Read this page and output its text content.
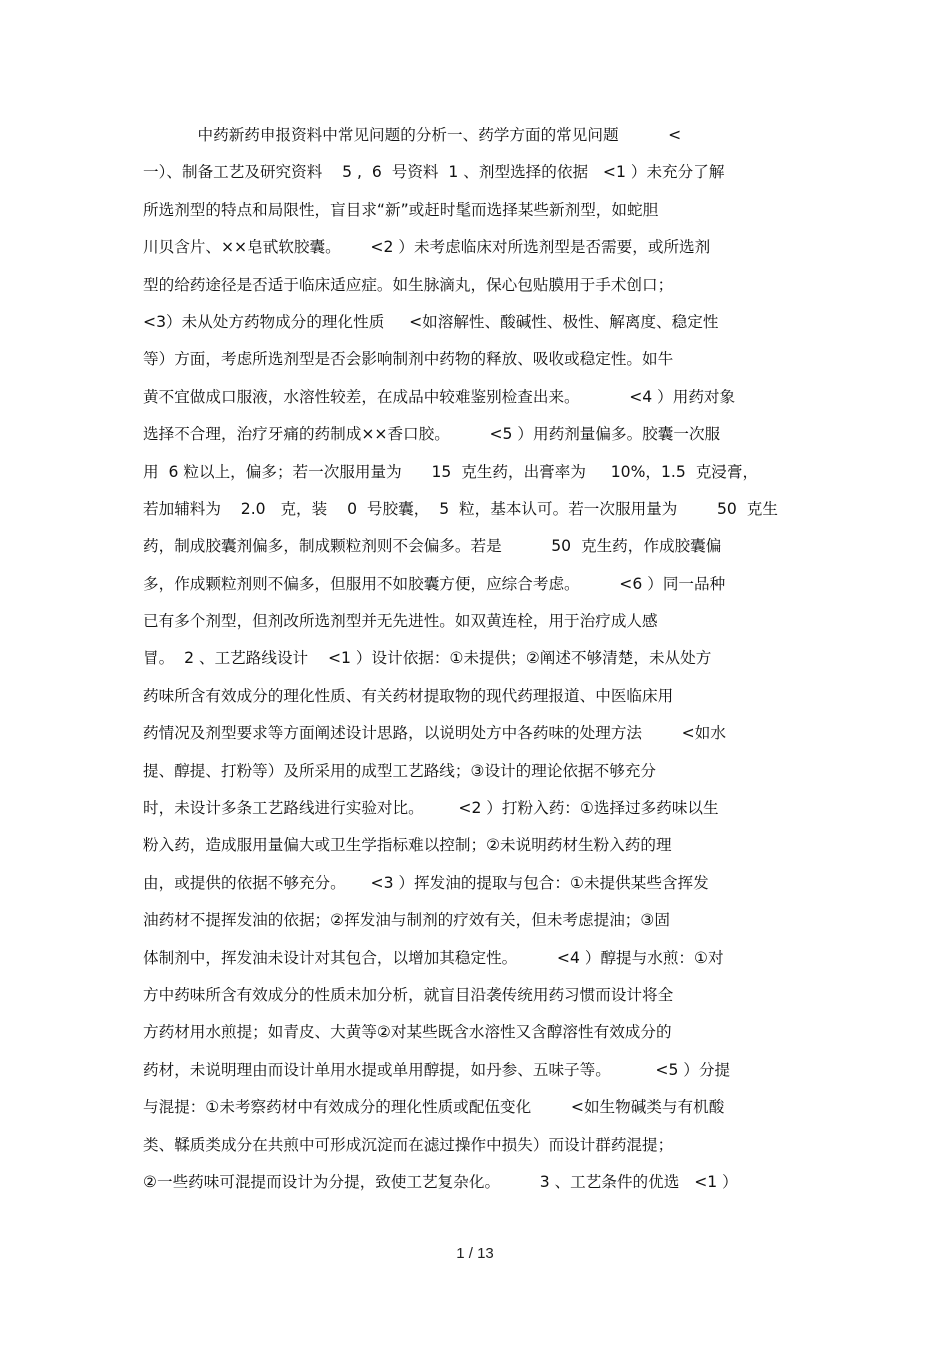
中药新药申报资料中常见问题的分析一、药学方面的常见问题          <
一）、制备工艺及研究资料    5 ,  6  号资料  1 、剂型选择的依据   <1 ）未充分了解
所选剂型的特点和局限性，盲目求“新”或赶时髦而选择某些新剂型，如蛇胆
川贝含片、××皂甙软胶囊。      <2 ）未考虑临床对所选剂型是否需要，或所选剂
型的给药途径是否适于临床适应症。如生脉滴丸，保心包贴膜用于手术创口；
<3）未从处方药物成分的理化性质     <如溶解性、酸碱性、极性、解离度、稳定性
等）方面，考虑所选剂型是否会影响制剂中药物的释放、吸收或稳定性。如牛
黄不宜做成口服液，水溶性较差，在成品中较难鉴别检查出来。          <4 ）用药对象
选择不合理，治疗牙痛的药制成××香口胶。        <5 ）用药剂量偏多。胶囊一次服
用  6 粒以上，偏多；若一次服用量为      15  克生药，出膏率为     10%，1.5  克浸膏，
若加辅料为    2.0   克，装    0  号胶囊，  5  粒，基本认可。若一次服用量为        50  克生
药，制成胶囊剂偏多，制成颗粒剂则不会偏多。若是          50  克生药，作成胶囊偏
多，作成颗粒剂则不偏多，但服用不如胶囊方便，应综合考虑。        <6 ）同一品种
已有多个剂型，但剂改所选剂型并无先进性。如双黄连栓，用于治疗成人感
冒。  2 、工艺路线设计    <1 ）设计依据：①未提供；②阐述不够清楚，未从处方
药味所含有效成分的理化性质、有关药材提取物的现代药理报道、中医临床用
药情况及剂型要求等方面阐述设计思路，以说明处方中各药味的处理方法        <如水
提、醇提、打粉等）及所采用的成型工艺路线；③设计的理论依据不够充分
时，未设计多条工艺路线进行实验对比。       <2 ）打粉入药：①选择过多药味以生
粉入药，造成服用量偏大或卫生学指标难以控制；②未说明药材生粉入药的理
由，或提供的依据不够充分。     <3 ）挥发油的提取与包合：①未提供某些含挥发
油药材不提挥发油的依据；②挥发油与制剂的疗效有关，但未考虑提油；③固
体制剂中，挥发油未设计对其包合，以增加其稳定性。        <4 ）醇提与水煎：①对
方中药味所含有效成分的性质未加分析，就盲目沿袭传统用药习惯而设计将全
方药材用水煎提；如青皮、大黄等②对某些既含水溶性又含醇溶性有效成分的
药材，未说明理由而设计单用水提或单用醇提，如丹参、五味子等。         <5 ）分提
与混提：①未考察药材中有效成分的理化性质或配伍变化        <如生物碱类与有机酸
类、鞣质类成分在共煎中可形成沉淀而在滤过操作中损失）而设计群药混提；
②一些药味可混提而设计为分提，致使工艺复杂化。        3 、工艺条件的优选   <1 ）
1 / 13
